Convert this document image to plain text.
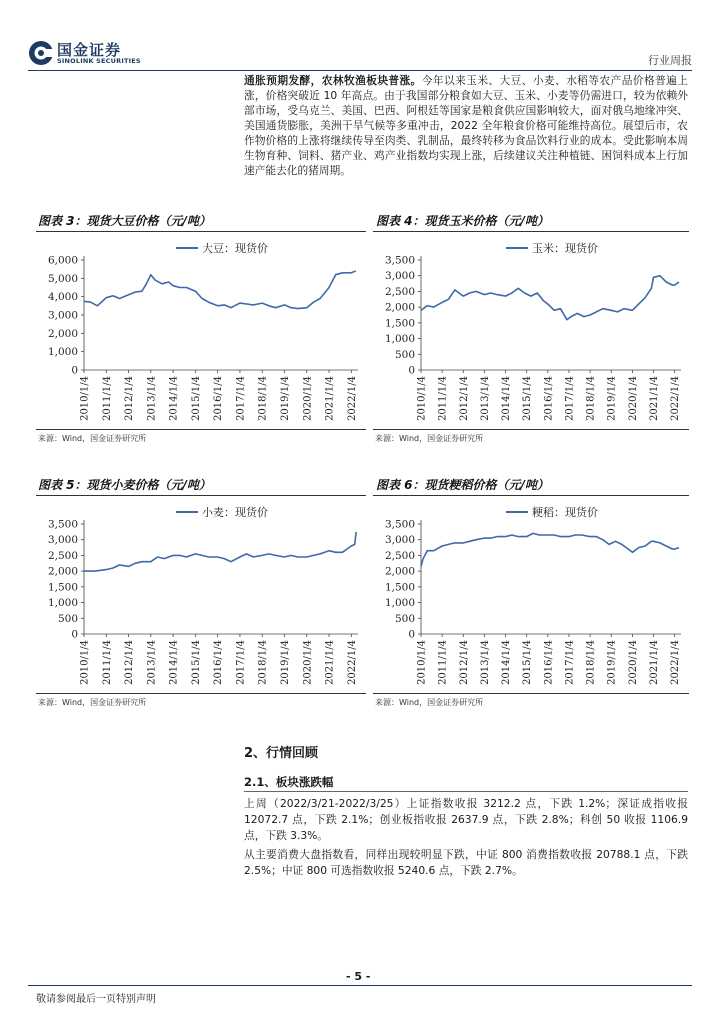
国金证券
SINOLINK SECURITIES	行业周报
通胀预期发酵，农林牧渔板块普涨。今年以来玉米、大豆、小麦、水稻等农产品价格普遍上涨，价格突破近 10 年高点。由于我国部分粮食如大豆、玉米、小麦等仍需进口，较为依赖外部市场，受乌克兰、美国、巴西、阿根廷等国家是粮食供应国影响较大，面对俄乌地缘冲突、美国通货膨胀，美洲干旱气候等多重冲击，2022 全年粮食价格可能维持高位。展望后市，农作物价格的上涨将继续传导至肉类、乳制品，最终转移为食品饮料行业的成本。受此影响本周生物育种、饲料、猪产业、鸡产业指数均实现上涨，后续建议关注种植链、困饲料成本上行加速产能去化的猪周期。
图表 3：现货大豆价格（元/吨）
0
1,000
2,000
3,000
4,000
5,000
6,000
2010/1/4 2011/1/4 2012/1/4 2013/1/4 2014/1/4 2015/1/4 2016/1/4 2017/1/4 2018/1/4 2019/1/4 2020/1/4 2021/1/4 2022/1/4
大豆：现货价
来源：Wind，国金证券研究所
图表 4：现货玉米价格（元/吨）
0
500
1,000
1,500
2,000
2,500
3,000
3,500
2010/1/4 2011/1/4 2012/1/4 2013/1/4 2014/1/4 2015/1/4 2016/1/4 2017/1/4 2018/1/4 2019/1/4 2020/1/4 2021/1/4 2022/1/4
玉米：现货价
来源：Wind，国金证券研究所
图表 5：现货小麦价格（元/吨）
0
500
1,000
1,500
2,000
2,500
3,000
3,500
2010/1/4 2011/1/4 2012/1/4 2013/1/4 2014/1/4 2015/1/4 2016/1/4 2017/1/4 2018/1/4 2019/1/4 2020/1/4 2021/1/4 2022/1/4
小麦：现货价
来源：Wind，国金证券研究所
图表 6：现货粳稻价格（元/吨）
0
500
1,000
1,500
2,000
2,500
3,000
3,500
2010/1/4 2011/1/4 2012/1/4 2013/1/4 2014/1/4 2015/1/4 2016/1/4 2017/1/4 2018/1/4 2019/1/4 2020/1/4 2021/1/4 2022/1/4
粳稻：现货价
来源：Wind，国金证券研究所
2、行情回顾
2.1、板块涨跌幅
上周（2022/3/21-2022/3/25）上证指数收报 3212.2 点，下跌 1.2%；深证成指收报 12072.7 点，下跌 2.1%；创业板指收报 2637.9 点，下跌 2.8%；科创 50 收报 1106.9 点，下跌 3.3%。
从主要消费大盘指数看，同样出现较明显下跌，中证 800 消费指数收报 20788.1 点，下跌 2.5%；中证 800 可选指数收报 5240.6 点，下跌 2.7%。
- 5 -
敬请参阅最后一页特别声明
